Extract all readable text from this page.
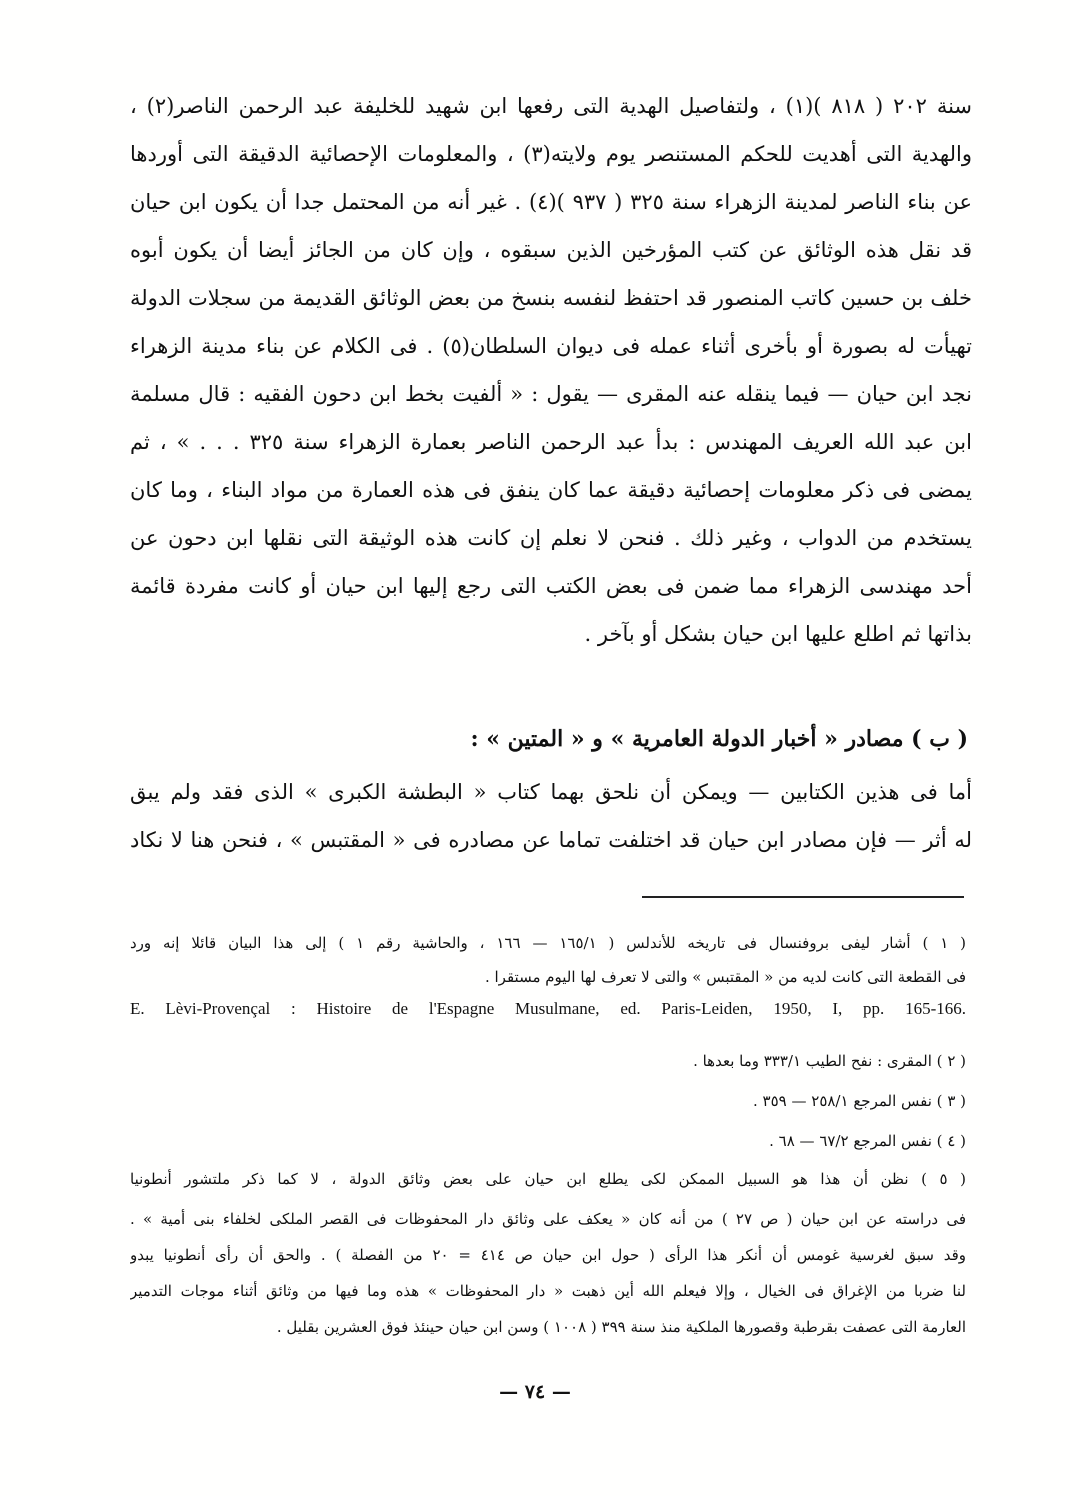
سنة ٢٠٢ ( ٨١٨ )(١) ، ولتفاصيل الهدية التى رفعها ابن شهيد للخليفة عبد الرحمن الناصر(٢) ،
والهدية التى أهديت للحكم المستنصر يوم ولايته(٣) ، والمعلومات الإحصائية الدقيقة التى أوردها
عن بناء الناصر لمدينة الزهراء سنة ٣٢٥ ( ٩٣٧ )(٤) . غير أنه من المحتمل جدا أن يكون ابن حيان
قد نقل هذه الوثائق عن كتب المؤرخين الذين سبقوه ، وإن كان من الجائز أيضا أن يكون أبوه
خلف بن حسين كاتب المنصور قد احتفظ لنفسه بنسخ من بعض الوثائق القديمة من سجلات الدولة
تهيأت له بصورة أو بأخرى أثناء عمله فى ديوان السلطان(٥) . فى الكلام عن بناء مدينة الزهراء
نجد ابن حيان — فيما ينقله عنه المقرى — يقول : « ألفيت بخط ابن دحون الفقيه : قال مسلمة
ابن عبد الله العريف المهندس : بدأ عبد الرحمن الناصر بعمارة الزهراء سنة ٣٢٥ . . . » ، ثم
يمضى فى ذكر معلومات إحصائية دقيقة عما كان ينفق فى هذه العمارة من مواد البناء ، وما كان
يستخدم من الدواب ، وغير ذلك . فنحن لا نعلم إن كانت هذه الوثيقة التى نقلها ابن دحون عن
أحد مهندسى الزهراء مما ضمن فى بعض الكتب التى رجع إليها ابن حيان أو كانت مفردة قائمة
بذاتها ثم اطلع عليها ابن حيان بشكل أو بآخر .
( ب ) مصادر « أخبار الدولة العامرية » و « المتين » :
أما فى هذين الكتابين — ويمكن أن نلحق بهما كتاب « البطشة الكبرى » الذى فقد ولم يبق
له أثر — فإن مصادر ابن حيان قد اختلفت تماما عن مصادره فى « المقتبس » ، فنحن هنا لا نكاد
( ١ ) أشار ليفى بروفنسال فى تاريخه للأندلس ( ١٦٥/١ — ١٦٦ ، والحاشية رقم ١ ) إلى هذا البيان قائلا إنه ورد
فى القطعة التى كانت لديه من « المقتبس » والتى لا تعرف لها اليوم مستقرا .
E. Lèvi-Provençal : Histoire de l'Espagne Musulmane, ed. Paris-Leiden, 1950, I, pp. 165-166.
( ٢ ) المقرى : نفح الطيب ٣٣٣/١ وما بعدها .
( ٣ ) نفس المرجع ٢٥٨/١ — ٣٥٩ .
( ٤ ) نفس المرجع ٦٧/٢ — ٦٨ .
( ٥ ) نظن أن هذا هو السبيل الممكن لكى يطلع ابن حيان على بعض وثائق الدولة ، لا كما ذكر ملتشور أنطونيا
فى دراسته عن ابن حيان ( ص ٢٧ ) من أنه كان « يعكف على وثائق دار المحفوظات فى القصر الملكى لخلفاء بنى أمية » .
وقد سبق لغرسية غومس أن أنكر هذا الرأى ( حول ابن حيان ص ٤١٤ = ٢٠ من الفصلة ) . والحق أن رأى أنطونيا يبدو
لنا ضربا من الإغراق فى الخيال ، وإلا فيعلم الله أين ذهبت « دار المحفوظات » هذه وما فيها من وثائق أثناء موجات التدمير
العارمة التى عصفت بقرطبة وقصورها الملكية منذ سنة ٣٩٩ ( ١٠٠٨ ) وسن ابن حيان حينئذ فوق العشرين بقليل .
— ٧٤ —
